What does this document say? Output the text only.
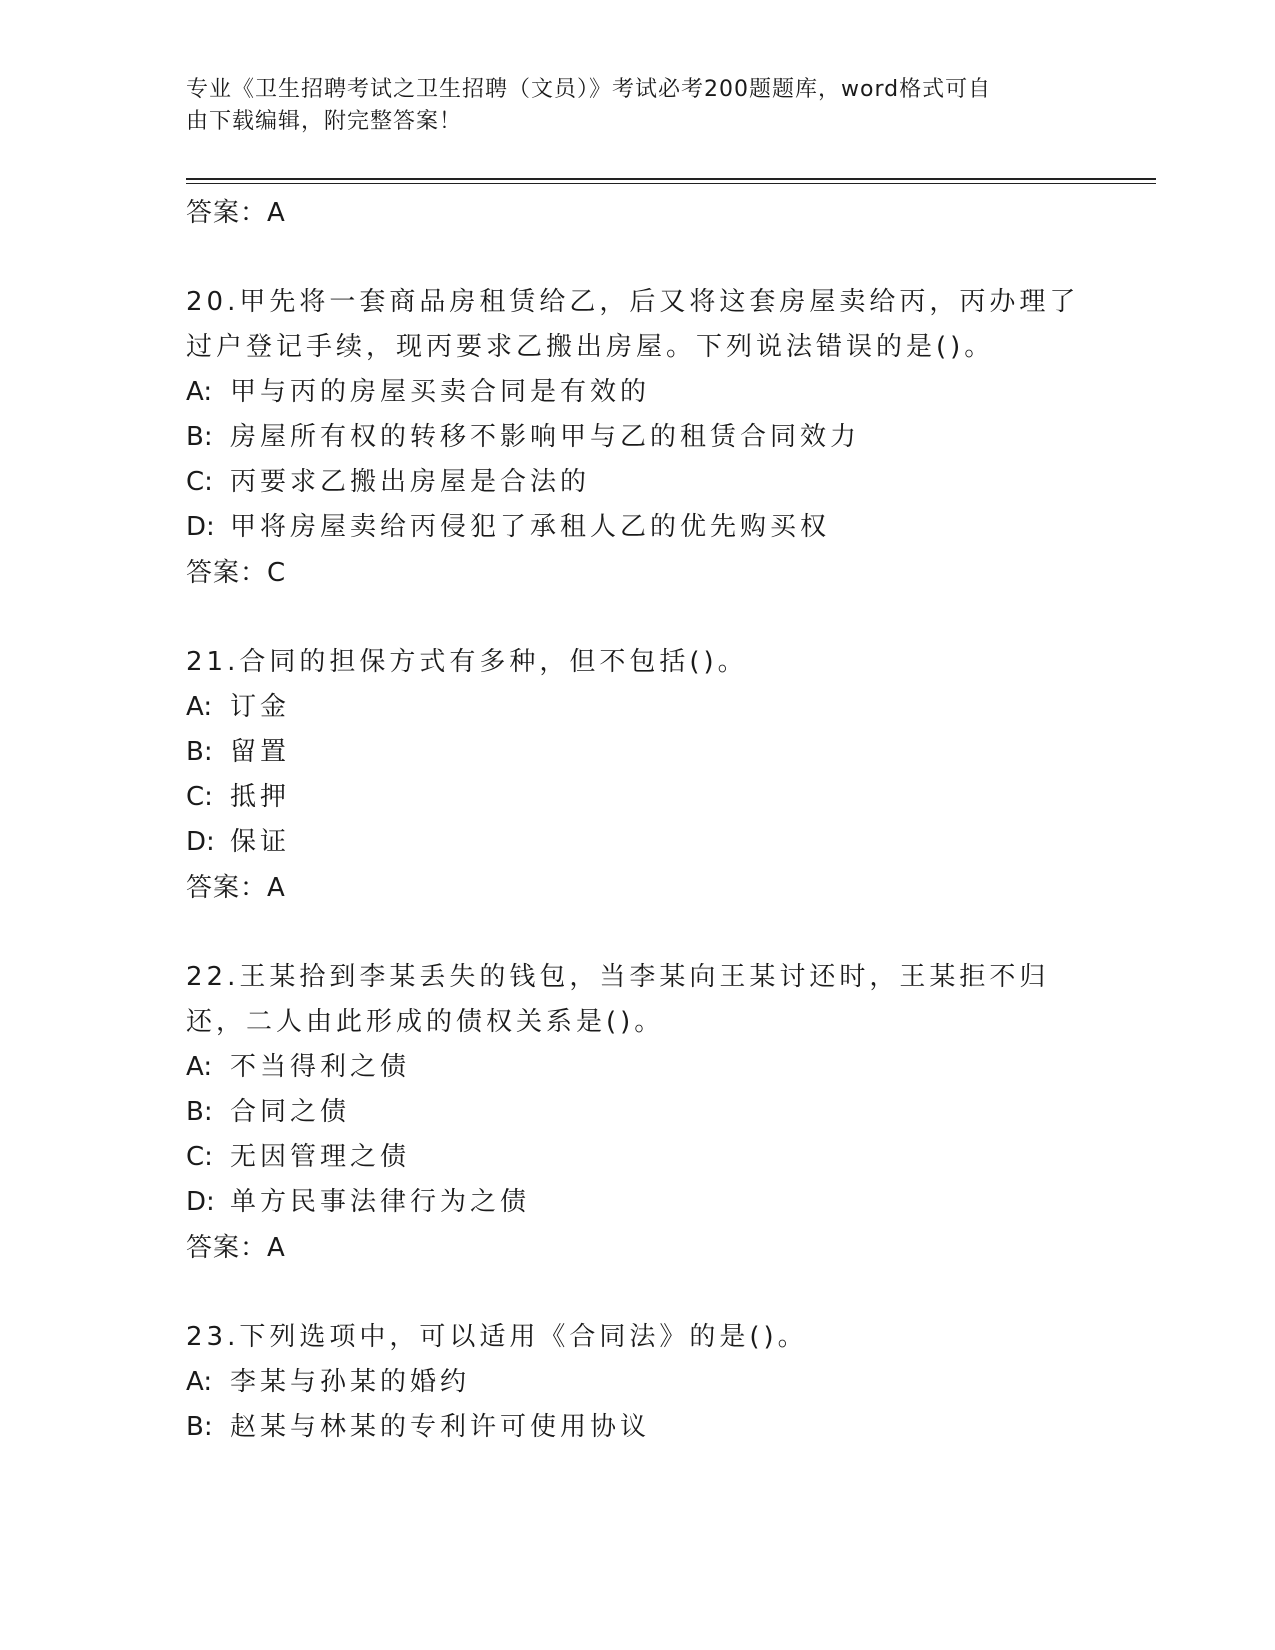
专业《卫生招聘考试之卫生招聘（文员）》考试必考200题题库，word格式可自
由下载编辑，附完整答案！
答案：A
20.甲先将一套商品房租赁给乙，后又将这套房屋卖给丙，丙办理了过户登记手续，现丙要求乙搬出房屋。下列说法错误的是()。
A: 甲与丙的房屋买卖合同是有效的
B: 房屋所有权的转移不影响甲与乙的租赁合同效力
C: 丙要求乙搬出房屋是合法的
D: 甲将房屋卖给丙侵犯了承租人乙的优先购买权
答案：C
21.合同的担保方式有多种，但不包括()。
A: 订金
B: 留置
C: 抵押
D: 保证
答案：A
22.王某拾到李某丢失的钱包，当李某向王某讨还时，王某拒不归还，二人由此形成的债权关系是()。
A: 不当得利之债
B: 合同之债
C: 无因管理之债
D: 单方民事法律行为之债
答案：A
23.下列选项中，可以适用《合同法》的是()。
A: 李某与孙某的婚约
B: 赵某与林某的专利许可使用协议
